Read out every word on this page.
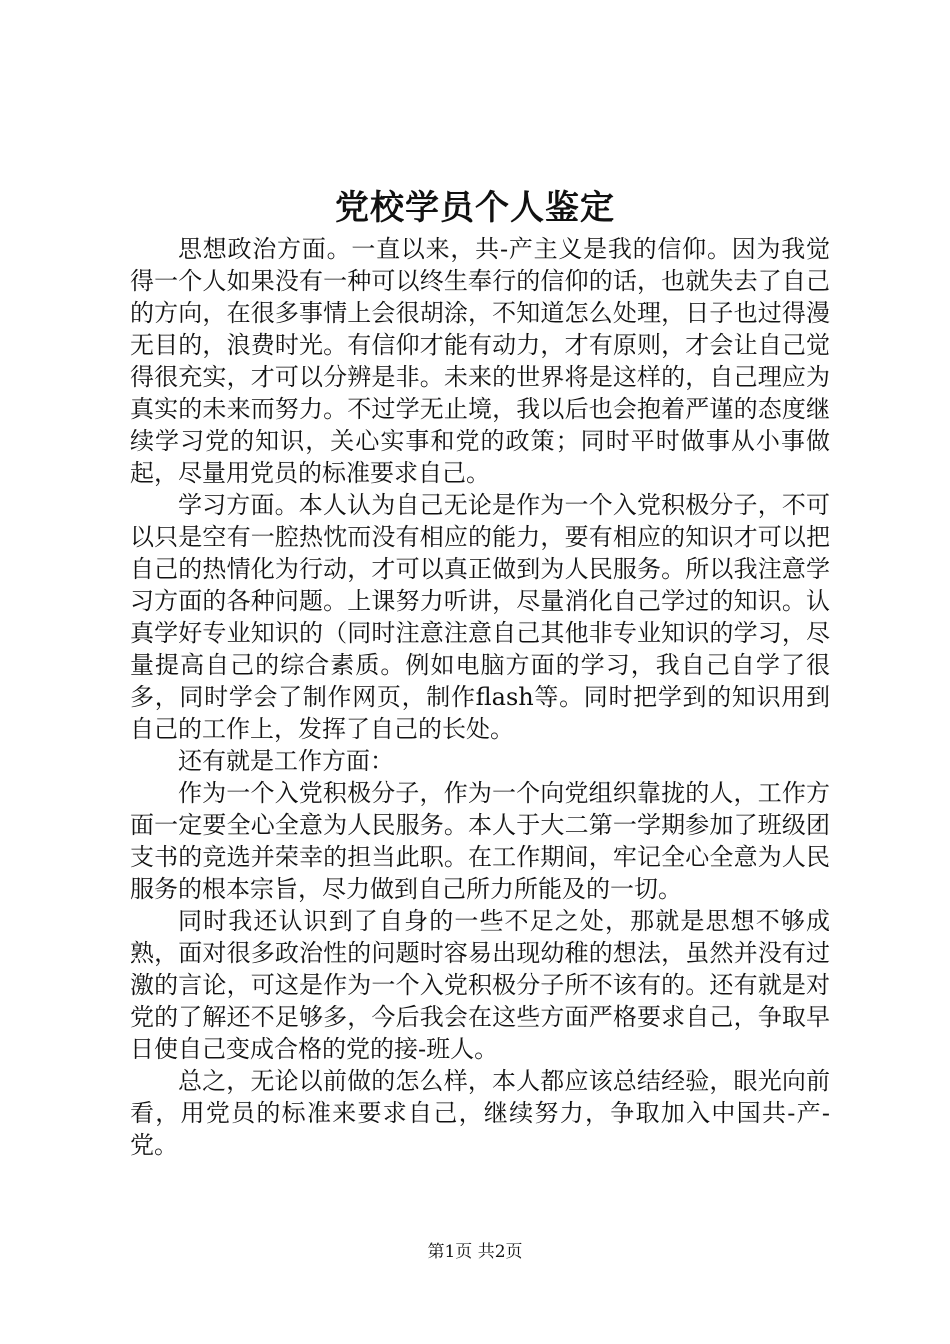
党校学员个人鉴定

思想政治方面。一直以来，共-产主义是我的信仰。因为我觉得一个人如果没有一种可以终生奉行的信仰的话，也就失去了自己的方向，在很多事情上会很胡涂，不知道怎么处理，日子也过得漫无目的，浪费时光。有信仰才能有动力，才有原则，才会让自己觉得很充实，才可以分辨是非。未来的世界将是这样的，自己理应为真实的未来而努力。不过学无止境，我以后也会抱着严谨的态度继续学习党的知识，关心实事和党的政策；同时平时做事从小事做起，尽量用党员的标准要求自己。

学习方面。本人认为自己无论是作为一个入党积极分子，不可以只是空有一腔热忱而没有相应的能力，要有相应的知识才可以把自己的热情化为行动，才可以真正做到为人民服务。所以我注意学习方面的各种问题。上课努力听讲，尽量消化自己学过的知识。认真学好专业知识的（同时注意注意自己其他非专业知识的学习，尽量提高自己的综合素质。例如电脑方面的学习，我自己自学了很多，同时学会了制作网页，制作flash等。同时把学到的知识用到自己的工作上，发挥了自己的长处。

还有就是工作方面：

作为一个入党积极分子，作为一个向党组织靠拢的人，工作方面一定要全心全意为人民服务。本人于大二第一学期参加了班级团支书的竞选并荣幸的担当此职。在工作期间，牢记全心全意为人民服务的根本宗旨，尽力做到自己所力所能及的一切。

同时我还认识到了自身的一些不足之处，那就是思想不够成熟，面对很多政治性的问题时容易出现幼稚的想法，虽然并没有过激的言论，可这是作为一个入党积极分子所不该有的。还有就是对党的了解还不足够多，今后我会在这些方面严格要求自己，争取早日使自己变成合格的党的接-班人。

总之，无论以前做的怎么样，本人都应该总结经验，眼光向前看，用党员的标准来要求自己，继续努力，争取加入中国共-产-党。

第1页 共2页
